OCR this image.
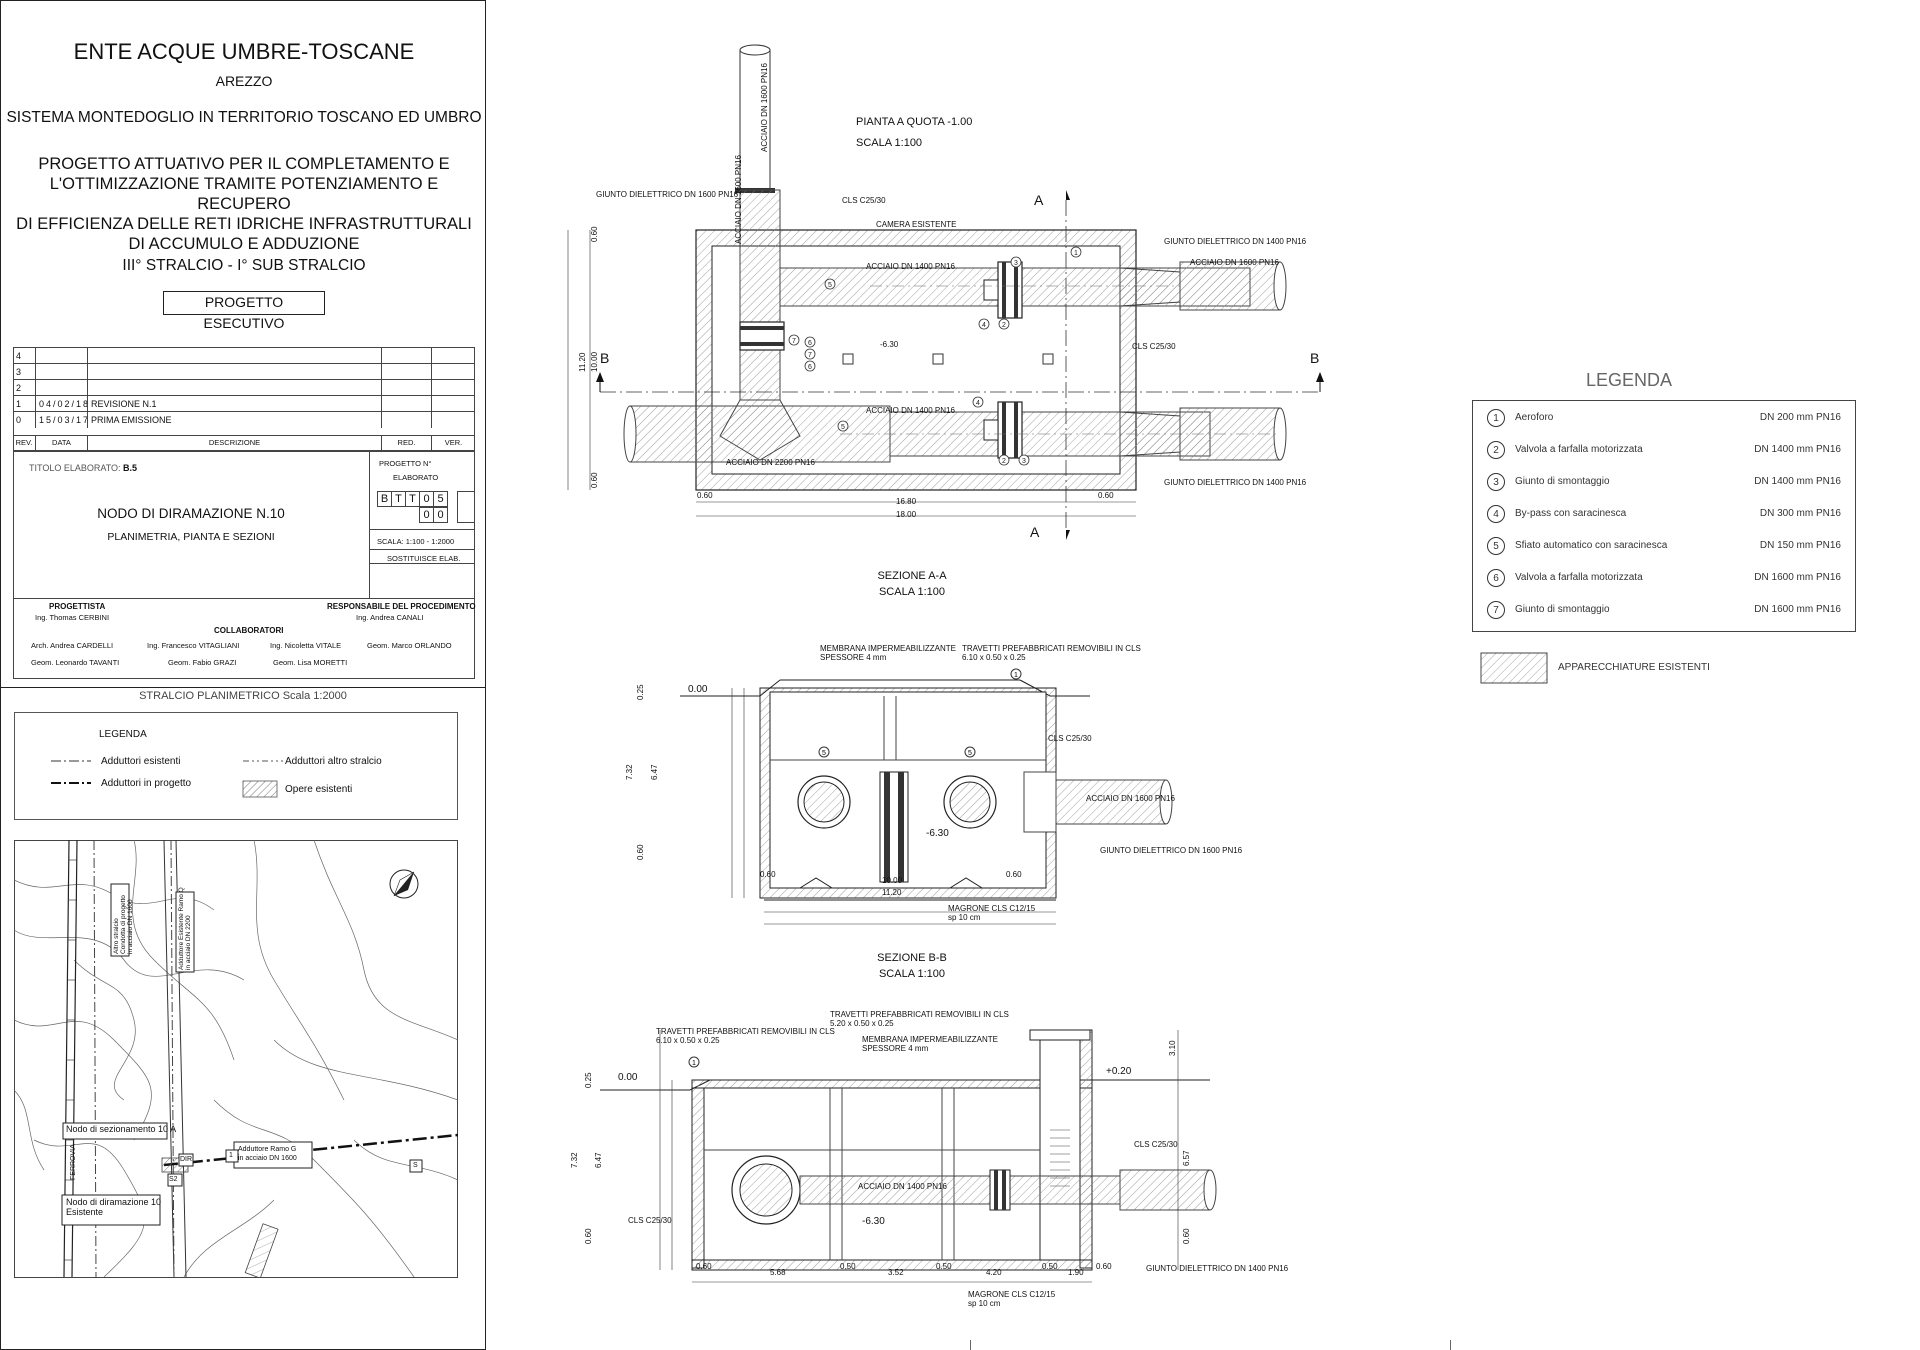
ENTE ACQUE UMBRE-TOSCANE
AREZZO
SISTEMA MONTEDOGLIO IN TERRITORIO TOSCANO ED UMBRO
PROGETTO ATTUATIVO PER IL COMPLETAMENTO E
L'OTTIMIZZAZIONE TRAMITE POTENZIAMENTO E RECUPERO
DI EFFICIENZA DELLE RETI IDRICHE INFRASTRUTTURALI
DI ACCUMULO E ADDUZIONE
III° STRALCIO - I° SUB STRALCIO
PROGETTO ESECUTIVO
4
3
2
1	04/02/18 REVISIONE N.1
0	15/03/17 PRIMA EMISSIONE
REV.	DATA	DESCRIZIONE	RED.	VER.
TITOLO ELABORATO: B.5	PROGETTO N°
ELABORATO
B T T 0 5
0 0
SCALA: 1:100 - 1:2000
SOSTITUISCE ELAB.
NODO DI DIRAMAZIONE N.10
PLANIMETRIA, PIANTA E SEZIONI
PROGETTISTA
Ing. Thomas CERBINI
RESPONSABILE DEL PROCEDIMENTO
Ing. Andrea CANALI
COLLABORATORI
Arch. Andrea CARDELLI	Ing. Francesco VITAGLIANI	Ing. Nicoletta VITALE	Geom. Marco ORLANDO
Geom. Leonardo TAVANTI	Geom. Fabio GRAZI	Geom. Lisa MORETTI
STRALCIO PLANIMETRICO Scala 1:2000
LEGENDA
Adduttori esistenti
Adduttori in progetto
Adduttori altro stralcio
Opere esistenti
Nodo di sezionamento 10 A
Nodo di diramazione 10
Esistente
Adduttore Ramo G
in acciaio DN 1600
DIR
S2
1
S
FERROVIA
Altro stralcio Condotta di progetto in acciaio DN 1600	Adduttore Esistente Ramo Q in acciaio DN 2200
3
4 2
5
7 6
7
6
1
5
4
2 3
PIANTA A QUOTA -1.00
SCALA 1:100
GIUNTO DIELETTRICO DN 1600 PN16
CLS C25/30
CAMERA ESISTENTE
ACCIAIO DN 1400 PN16
GIUNTO DIELETTRICO DN 1400 PN16
ACCIAIO DN 1600 PN16
CLS C25/30
ACCIAIO DN 1400 PN16
ACCIAIO DN 2200 PN16
GIUNTO DIELETTRICO DN 1400 PN16
-6.30
ACCIAIO DN 1600 PN16
ACCIAIO DN 1600 PN16
A
A
B	B
0.60
16.80
0.60
18.00
11.20 10.00
0.60
0.60
SEZIONE A-A
SCALA 1:100
5	5
1
MEMBRANA IMPERMEABILIZZANTE
SPESSORE 4 mm
TRAVETTI PREFABBRICATI REMOVIBILI IN CLS
6.10 x 0.50 x 0.25
0.00
CLS C25/30
ACCIAIO DN 1600 PN16
GIUNTO DIELETTRICO DN 1600 PN16
-6.30
MAGRONE CLS C12/15
sp 10 cm
0.60
10.00
0.60
11.20
0.25
6.47
7.32
0.60
SEZIONE B-B
SCALA 1:100
1
TRAVETTI PREFABBRICATI REMOVIBILI IN CLS
6.10 x 0.50 x 0.25
TRAVETTI PREFABBRICATI REMOVIBILI IN CLS
5.20 x 0.50 x 0.25
MEMBRANA IMPERMEABILIZZANTE
SPESSORE 4 mm
0.00
+0.20
CLS C25/30
CLS C25/30
ACCIAIO DN 1400 PN16
-6.30
GIUNTO DIELETTRICO DN 1400 PN16
MAGRONE CLS C12/15
sp 10 cm
0.60
5.68
0.50
3.52
0.50
4.20
0.50
1.90
0.60
0.25
6.47
7.32
0.60
3.10
6.57
0.60
LEGENDA
1	Aeroforo	DN 200 mm PN16
2	Valvola a farfalla motorizzata	DN 1400 mm PN16
3	Giunto di smontaggio	DN 1400 mm PN16
4	By-pass con saracinesca	DN 300 mm PN16
5	Sfiato automatico con saracinesca	DN 150 mm PN16
6	Valvola a farfalla motorizzata	DN 1600 mm PN16
7	Giunto di smontaggio	DN 1600 mm PN16
APPARECCHIATURE ESISTENTI
